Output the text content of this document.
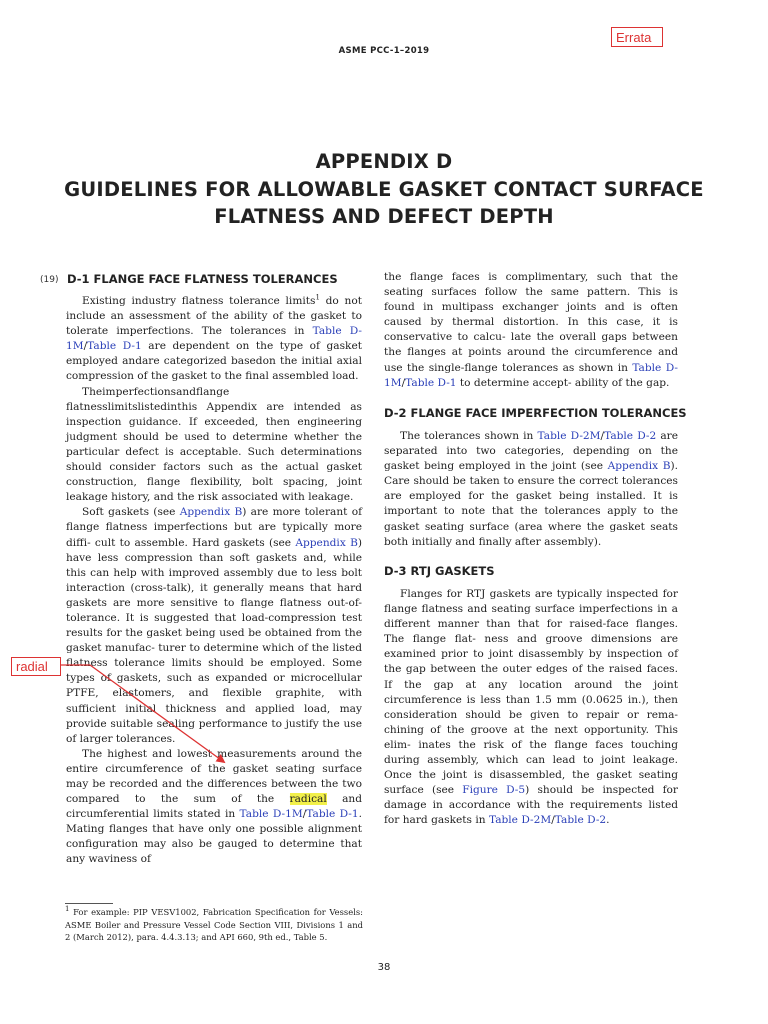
ASME PCC-1–2019
Errata
APPENDIX D
GUIDELINES FOR ALLOWABLE GASKET CONTACT SURFACE
FLATNESS AND DEFECT DEPTH
(19) D-1 FLANGE FACE FLATNESS TOLERANCES

Existing industry flatness tolerance limits$^1$ do not include an assessment of the ability of the gasket to tolerate imperfections. The tolerances in Table D-1M/Table D-1 are dependent on the type of gasket employed andare categorized basedon the initial axial compression of the gasket to the final assembled load.

Theimperfectionsandflange flatnesslimitslistedinthis Appendix are intended as inspection guidance. If exceeded, then engineering judgment should be used to determine whether the particular defect is acceptable. Such determinations should consider factors such as the actual gasket construction, flange flexibility, bolt spacing, joint leakage history, and the risk associated with leakage.

Soft gaskets (see Appendix B) are more tolerant of flange flatness imperfections but are typically more diffi- cult to assemble. Hard gaskets (see Appendix B) have less compression than soft gaskets and, while this can help with improved assembly due to less bolt interaction (cross-talk), it generally means that hard gaskets are more sensitive to flange flatness out-of-tolerance. It is suggested that load-compression test results for the gasket being used be obtained from the gasket manufac- turer to determine which of the listed flatness tolerance limits should be employed. Some types of gaskets, such as expanded or microcellular PTFE, elastomers, and flexible graphite, with sufficient initial thickness and applied load, may provide suitable sealing performance to justify the use of larger tolerances.

The highest and lowest measurements around the entire circumference of the gasket seating surface may be recorded and the differences between the two compared to the sum of the radical and circumferential limits stated in Table D-1M/Table D-1. Mating flanges that have only one possible alignment configuration may also be gauged to determine that any waviness of

the flange faces is complimentary, such that the seating surfaces follow the same pattern. This is found in multipass exchanger joints and is often caused by thermal distortion. In this case, it is conservative to calcu- late the overall gaps between the flanges at points around the circumference and use the single-flange tolerances as shown in Table D-1M/Table D-1 to determine accept- ability of the gap.

D-2 FLANGE FACE IMPERFECTION TOLERANCES

The tolerances shown in Table D-2M/Table D-2 are separated into two categories, depending on the gasket being employed in the joint (see Appendix B). Care should be taken to ensure the correct tolerances are employed for the gasket being installed. It is important to note that the tolerances apply to the gasket seating surface (area where the gasket seats both initially and finally after assembly).

D-3 RTJ GASKETS

Flanges for RTJ gaskets are typically inspected for flange flatness and seating surface imperfections in a different manner than that for raised-face flanges. The flange flat- ness and groove dimensions are examined prior to joint disassembly by inspection of the gap between the outer edges of the raised faces. If the gap at any location around the joint circumference is less than 1.5 mm (0.0625 in.), then consideration should be given to repair or rema- chining of the groove at the next opportunity. This elim- inates the risk of the flange faces touching during assembly, which can lead to joint leakage. Once the joint is disassembled, the gasket seating surface (see Figure D-5) should be inspected for damage in accordance with the requirements listed for hard gaskets in Table D-2M/Table D-2.

radial
$^1$ For example: PIP VESV1002, Fabrication Specification for Vessels: ASME Boiler and Pressure Vessel Code Section VIII, Divisions 1 and 2 (March 2012), para. 4.4.3.13; and API 660, 9th ed., Table 5.
38
